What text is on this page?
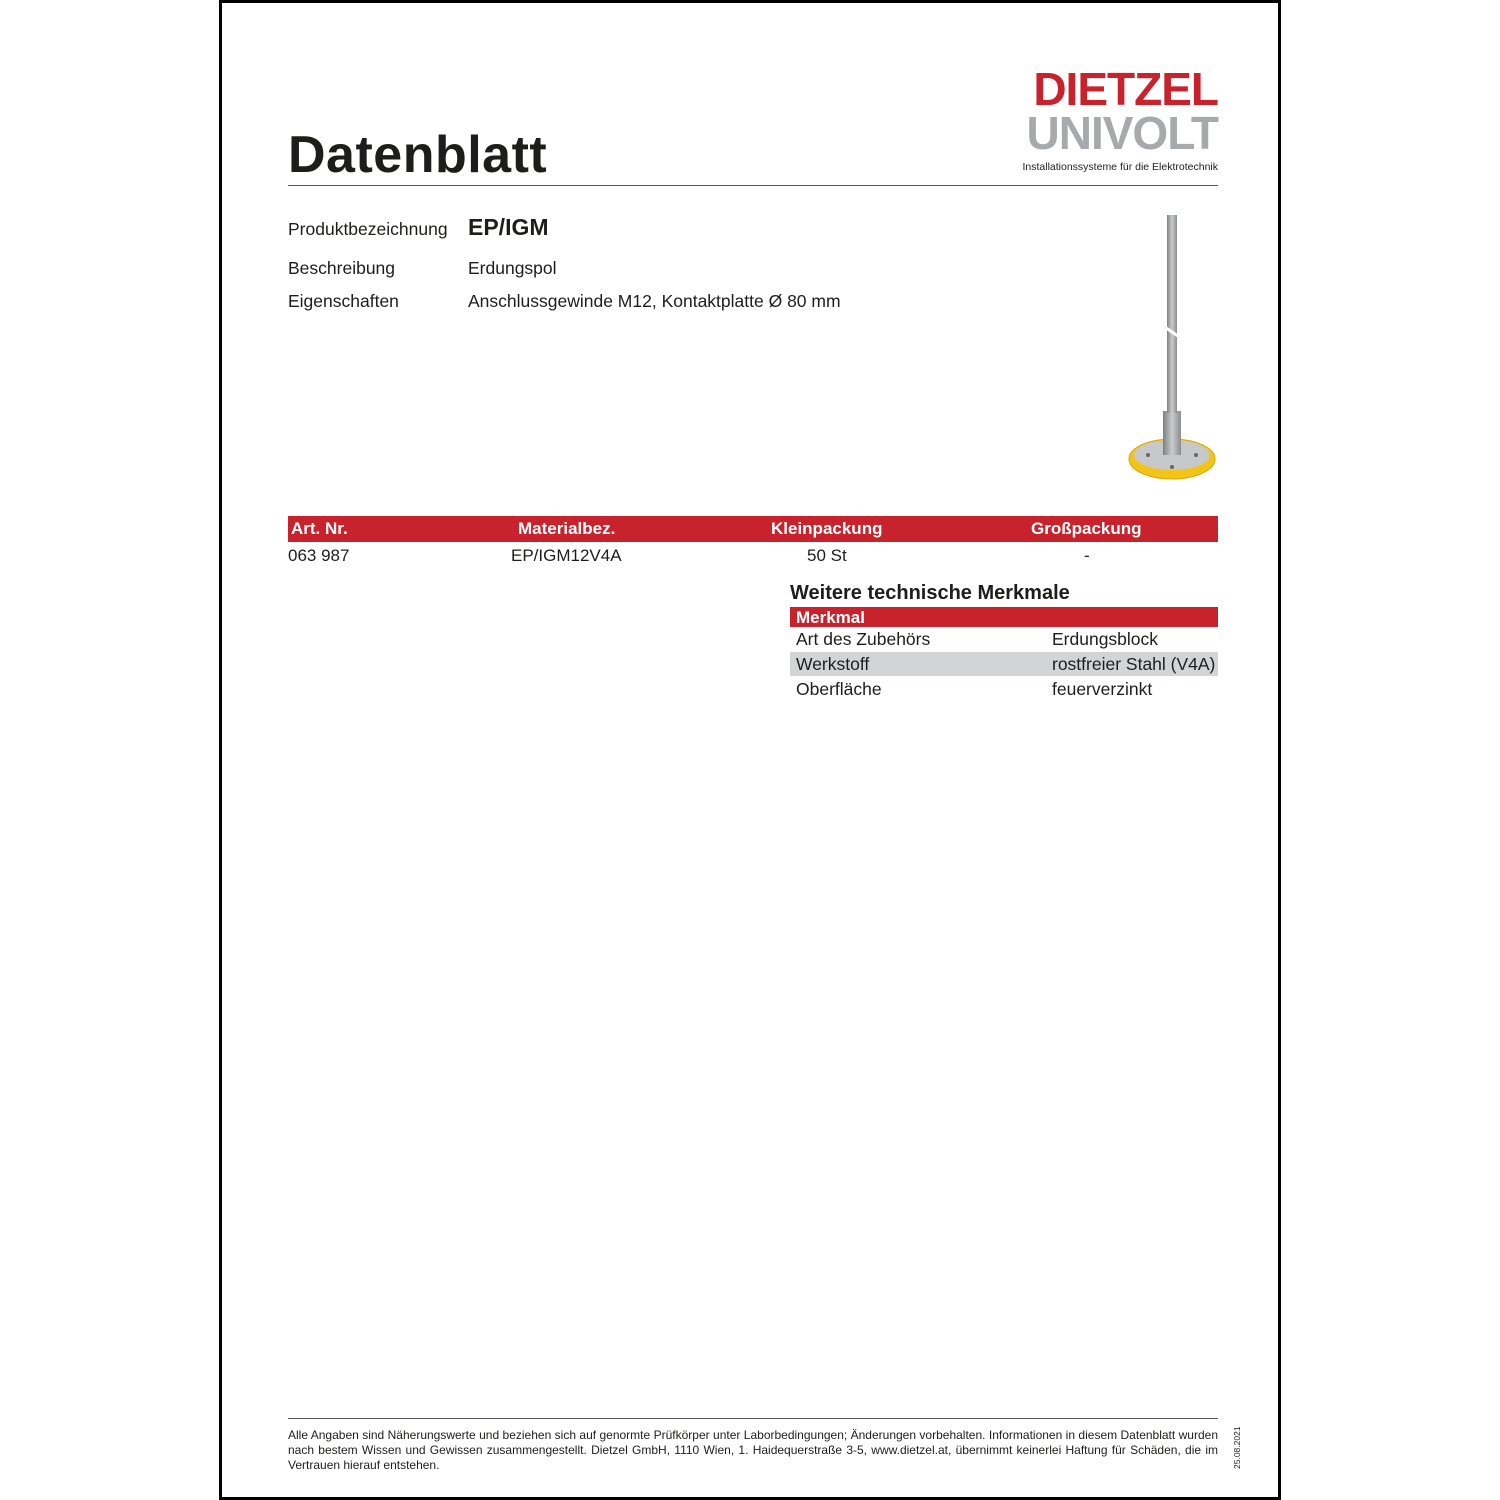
Datenblatt
DIETZEL
UNIVOLT
Installationssysteme für die Elektrotechnik
Produktbezeichnung EP/IGM
Beschreibung	Erdungspol
Eigenschaften	Anschlussgewinde M12, Kontaktplatte Ø 80 mm
Art. Nr.	Materialbez.	Kleinpackung	Großpackung
063 987	EP/IGM12V4A	50 St	-
Weitere technische Merkmale
Merkmal
Art des Zubehörs	Erdungsblock
Werkstoff	rostfreier Stahl (V4A)
Oberfläche	feuerverzinkt
Alle Angaben sind Näherungswerte und beziehen sich auf genormte Prüfkörper unter Laborbedingungen; Änderungen vorbehalten. Informationen in diesem Datenblatt wurden nach bestem Wissen und Gewissen zusammengestellt. Dietzel GmbH, 1110 Wien, 1. Haidequerstraße 3-5, www.dietzel.at, übernimmt keinerlei Haftung für Schäden, die im Vertrauen hierauf entstehen.	25.08.2021
